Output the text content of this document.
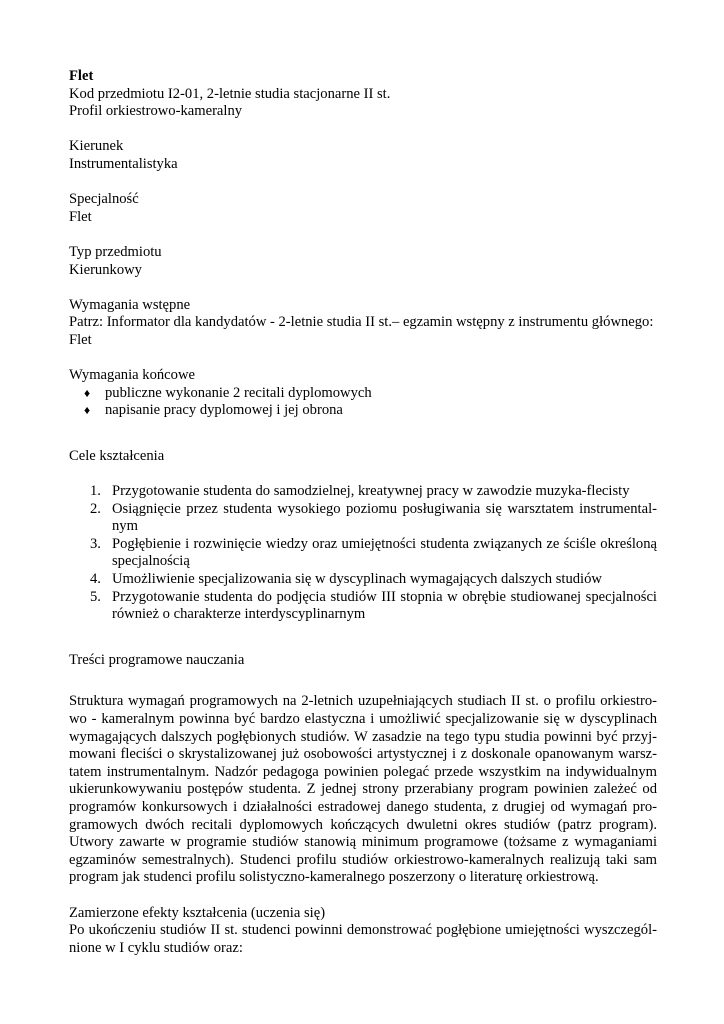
Flet
Kod przedmiotu I2-01, 2-letnie studia stacjonarne II st.
Profil orkiestrowo-kameralny
Kierunek
Instrumentalistyka
Specjalność
Flet
Typ przedmiotu
Kierunkowy
Wymagania wstępne
Patrz: Informator dla kandydatów - 2-letnie studia II st.– egzamin wstępny z instrumentu głównego:
Flet
Wymagania końcowe
♦ publiczne wykonanie 2 recitali dyplomowych
♦ napisanie pracy dyplomowej i jej obrona
Cele kształcenia
1. Przygotowanie studenta do samodzielnej, kreatywnej pracy w zawodzie muzyka-flecisty
2. Osiągnięcie przez studenta wysokiego poziomu posługiwania się warsztatem instrumental-
nym
3. Pogłębienie i rozwinięcie wiedzy oraz umiejętności studenta związanych ze ściśle określoną
specjalnością
4. Umożliwienie specjalizowania się w dyscyplinach wymagających dalszych studiów
5. Przygotowanie studenta do podjęcia studiów III stopnia w obrębie studiowanej specjalności
również o charakterze interdyscyplinarnym
Treści programowe nauczania
Struktura wymagań programowych na 2-letnich uzupełniających studiach II st. o profilu orkiestro-
wo - kameralnym powinna być bardzo elastyczna i umożliwić specjalizowanie się w dyscyplinach
wymagających dalszych pogłębionych studiów. W zasadzie na tego typu studia powinni być przyj-
mowani fleciści o skrystalizowanej już osobowości artystycznej i z doskonale opanowanym warsz-
tatem instrumentalnym. Nadzór pedagoga powinien polegać przede wszystkim na indywidualnym
ukierunkowywaniu postępów studenta. Z jednej strony przerabiany program powinien zależeć od
programów konkursowych i działalności estradowej danego studenta, z drugiej od wymagań pro-
gramowych dwóch recitali dyplomowych kończących dwuletni okres studiów (patrz program).
Utwory zawarte w programie studiów stanowią minimum programowe (tożsame z wymaganiami
egzaminów semestralnych). Studenci profilu studiów orkiestrowo-kameralnych realizują taki sam
program jak studenci profilu solistyczno-kameralnego poszerzony o literaturę orkiestrową.
Zamierzone efekty kształcenia (uczenia się)
Po ukończeniu studiów II st. studenci powinni demonstrować pogłębione umiejętności wyszczegól-
nione w I cyklu studiów oraz:
